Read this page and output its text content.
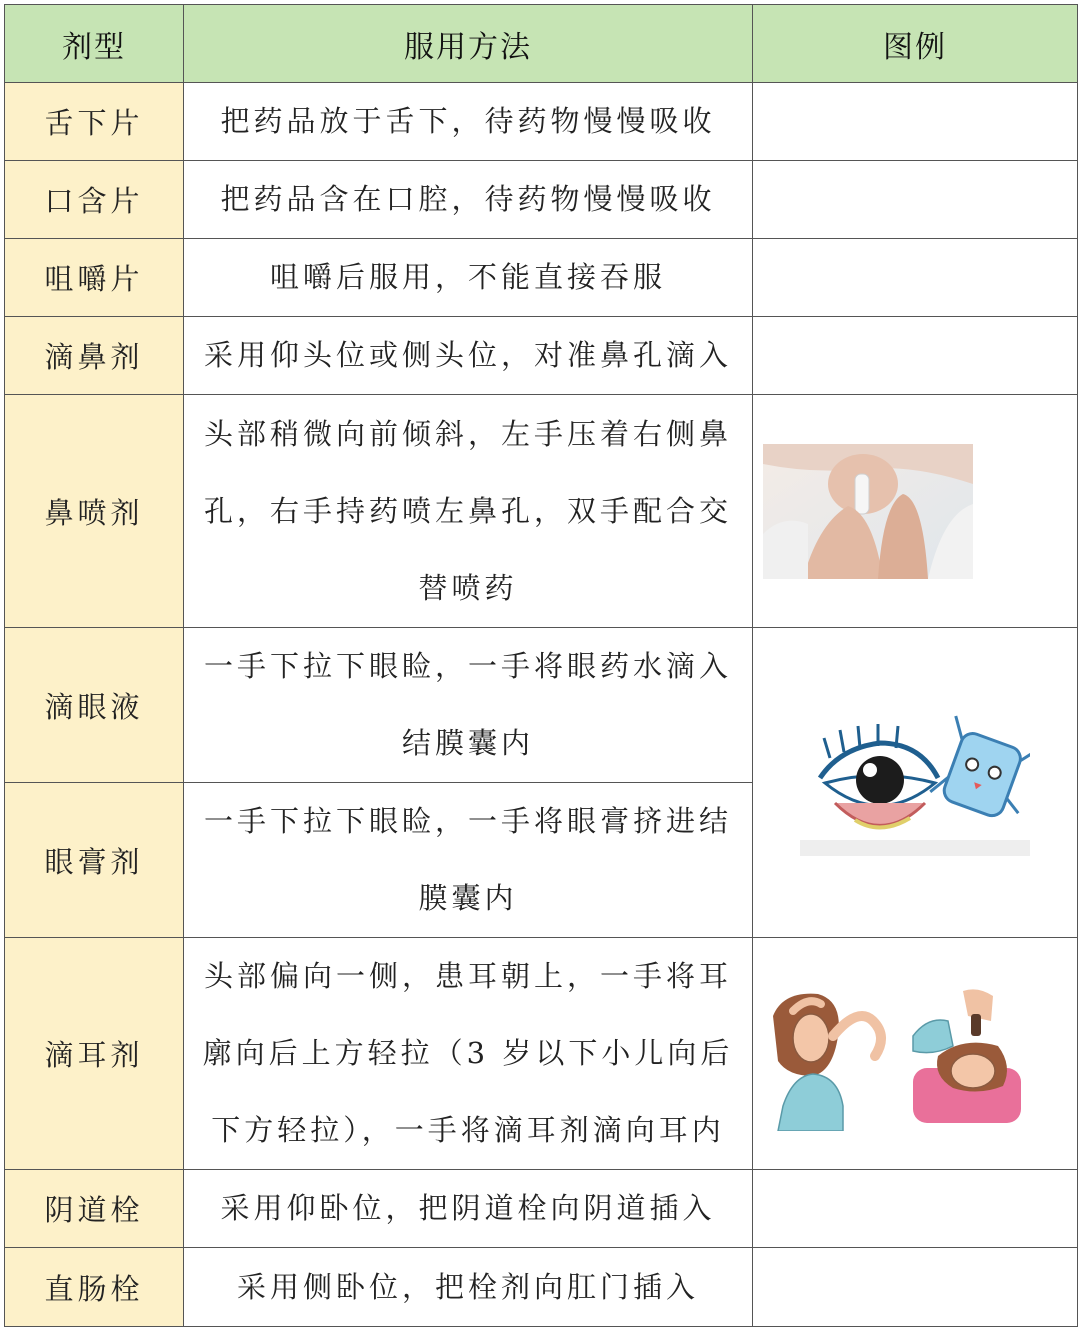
剂型	服用方法	图例
舌下片	把药品放于舌下，待药物慢慢吸收	
口含片	把药品含在口腔，待药物慢慢吸收	
咀嚼片	咀嚼后服用，不能直接吞服	
滴鼻剂	采用仰头位或侧头位，对准鼻孔滴入	
鼻喷剂	头部稍微向前倾斜，左手压着右侧鼻孔，右手持药喷左鼻孔，双手配合交替喷药	

滴眼液	一手下拉下眼睑，一手将眼药水滴入结膜囊内	

眼膏剂	一手下拉下眼睑，一手将眼膏挤进结膜囊内	
滴耳剂	头部偏向一侧，患耳朝上，一手将耳廓向后上方轻拉（3 岁以下小儿向后下方轻拉），一手将滴耳剂滴向耳内	

阴道栓	采用仰卧位，把阴道栓向阴道插入	
直肠栓	采用侧卧位，把栓剂向肛门插入	
